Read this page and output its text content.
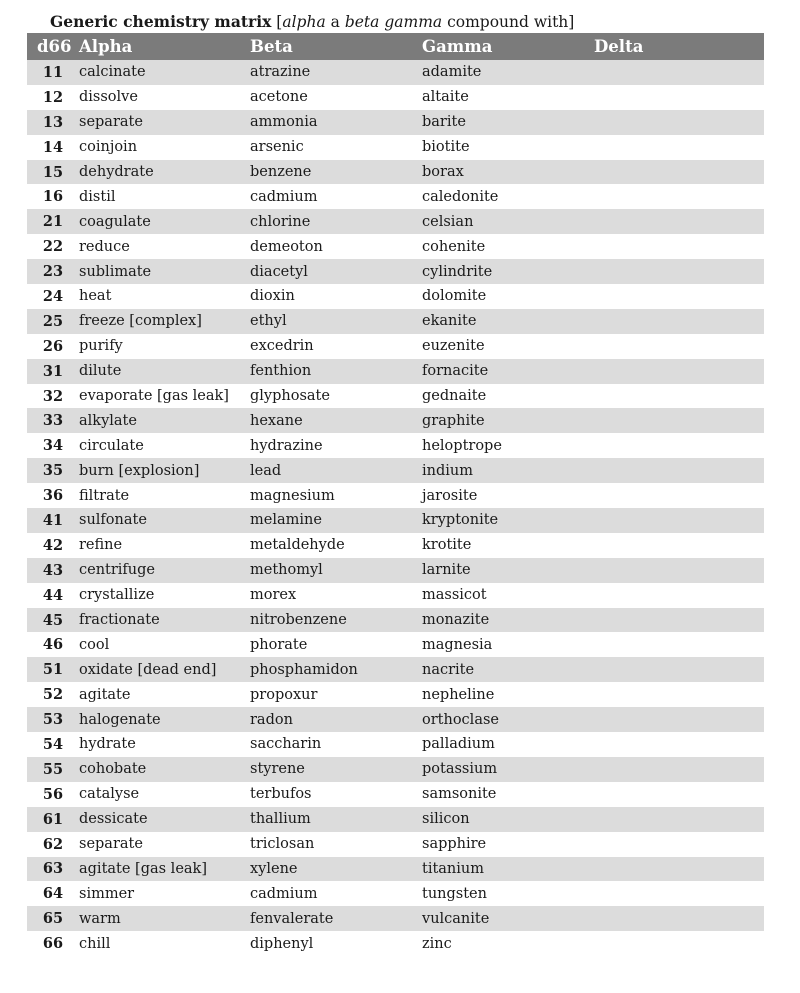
Generic chemistry matrix [alpha a beta gamma compound with]
d66	Alpha	Beta	Gamma	Delta
11	calcinate	atrazine	adamite	
12	dissolve	acetone	altaite	
13	separate	ammonia	barite	
14	coinjoin	arsenic	biotite	
15	dehydrate	benzene	borax	
16	distil	cadmium	caledonite	
21	coagulate	chlorine	celsian	
22	reduce	demeoton	cohenite	
23	sublimate	diacetyl	cylindrite	
24	heat	dioxin	dolomite	
25	freeze [complex]	ethyl	ekanite	
26	purify	excedrin	euzenite	
31	dilute	fenthion	fornacite	
32	evaporate [gas leak]	glyphosate	gednaite	
33	alkylate	hexane	graphite	
34	circulate	hydrazine	heloptrope	
35	burn [explosion]	lead	indium	
36	filtrate	magnesium	jarosite	
41	sulfonate	melamine	kryptonite	
42	refine	metaldehyde	krotite	
43	centrifuge	methomyl	larnite	
44	crystallize	morex	massicot	
45	fractionate	nitrobenzene	monazite	
46	cool	phorate	magnesia	
51	oxidate [dead end]	phosphamidon	nacrite	
52	agitate	propoxur	nepheline	
53	halogenate	radon	orthoclase	
54	hydrate	saccharin	palladium	
55	cohobate	styrene	potassium	
56	catalyse	terbufos	samsonite	
61	dessicate	thallium	silicon	
62	separate	triclosan	sapphire	
63	agitate [gas leak]	xylene	titanium	
64	simmer	cadmium	tungsten	
65	warm	fenvalerate	vulcanite	
66	chill	diphenyl	zinc	
